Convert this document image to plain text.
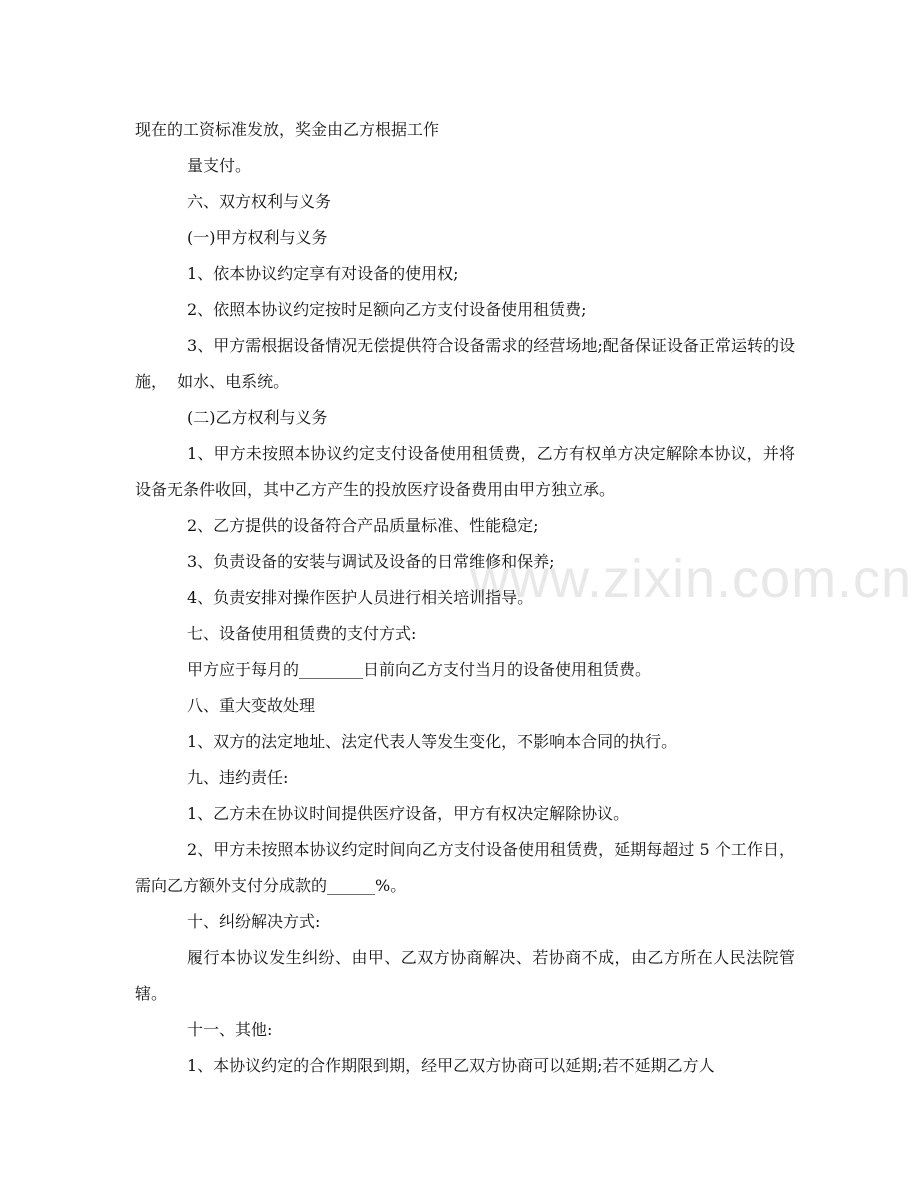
www.zixin.com.cn

现在的工资标准发放，奖金由乙方根据工作

量支付。

六、双方权利与义务

(一)甲方权利与义务

1、依本协议约定享有对设备的使用权;

2、依照本协议约定按时足额向乙方支付设备使用租赁费;

3、甲方需根据设备情况无偿提供符合设备需求的经营场地;配备保证设备正常运转的设施，  如水、电系统。

(二)乙方权利与义务

1、甲方未按照本协议约定支付设备使用租赁费，乙方有权单方决定解除本协议，并将设备无条件收回，其中乙方产生的投放医疗设备费用由甲方独立承。

2、乙方提供的设备符合产品质量标准、性能稳定;

3、负责设备的安装与调试及设备的日常维修和保养;

4、负责安排对操作医护人员进行相关培训指导。

七、设备使用租赁费的支付方式:

甲方应于每月的________日前向乙方支付当月的设备使用租赁费。

八、重大变故处理

1、双方的法定地址、法定代表人等发生变化，不影响本合同的执行。

九、违约责任:

1、乙方未在协议时间提供医疗设备，甲方有权决定解除协议。

2、甲方未按照本协议约定时间向乙方支付设备使用租赁费，延期每超过 5 个工作日，需向乙方额外支付分成款的______%。

十、纠纷解决方式:

履行本协议发生纠纷、由甲、乙双方协商解决、若协商不成，由乙方所在人民法院管辖。

十一、其他:

1、本协议约定的合作期限到期，经甲乙双方协商可以延期;若不延期乙方人
